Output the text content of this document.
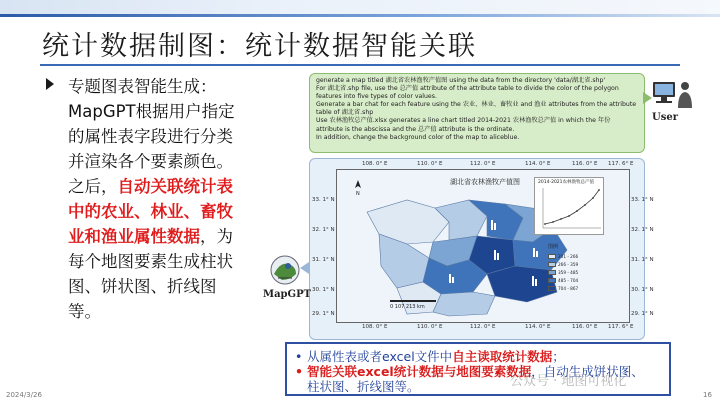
统计数据制图：统计数据智能关联
专题图表智能生成：MapGPT根据用户指定的属性表字段进行分类并渲染各个要素颜色。之后，自动关联统计表中的农业、林业、畜牧业和渔业属性数据，为每个地图要素生成柱状图、饼状图、折线图等。
generate a map titled 湖北省农林渔牧产值图 using the data from the directory 'data/湖北省.shp'
For 湖北省.shp file, use the 总产值 attribute of the attribute table to divide the color of the polygon
features into five types of color values.
Generate a bar chat for each feature using the 农业、林业、畜牧业 and 渔业 attributes from the attribute
table of 湖北省.shp
Use 农林渔牧总产值.xlsx generates a line chart titled 2014-2021 农林渔牧总产值 in which the 年份
attribute is the abscissa and the 总产值 attribute is the ordinate.
In addition, change the background color of the map to aliceblue.
User
108. 0° E	110. 0° E	112. 0° E	114. 0° E	116. 0° E 117. 6° E
108. 0° E	110. 0° E	112. 0° E	114. 0° E	116. 0° E 117. 6° E
33. 1° N
32. 1° N
31. 1° N
30. 1° N
29. 1° N
33. 1° N
32. 1° N
31. 1° N
30. 1° N
29. 1° N
N
湖北省农林渔牧产值图	2014-2021农林渔牧总产值
图例
201 - 266
266 - 359
359 - 485
485 - 704
704 - 867
0 107 213 km
MapGPT
• 从属性表或者excel文件中自主读取统计数据；
• 智能关联excel统计数据与地图要素数据，自动生成饼状图、
柱状图、折线图等。	公众号 · 地图可视化
2024/3/26	16
